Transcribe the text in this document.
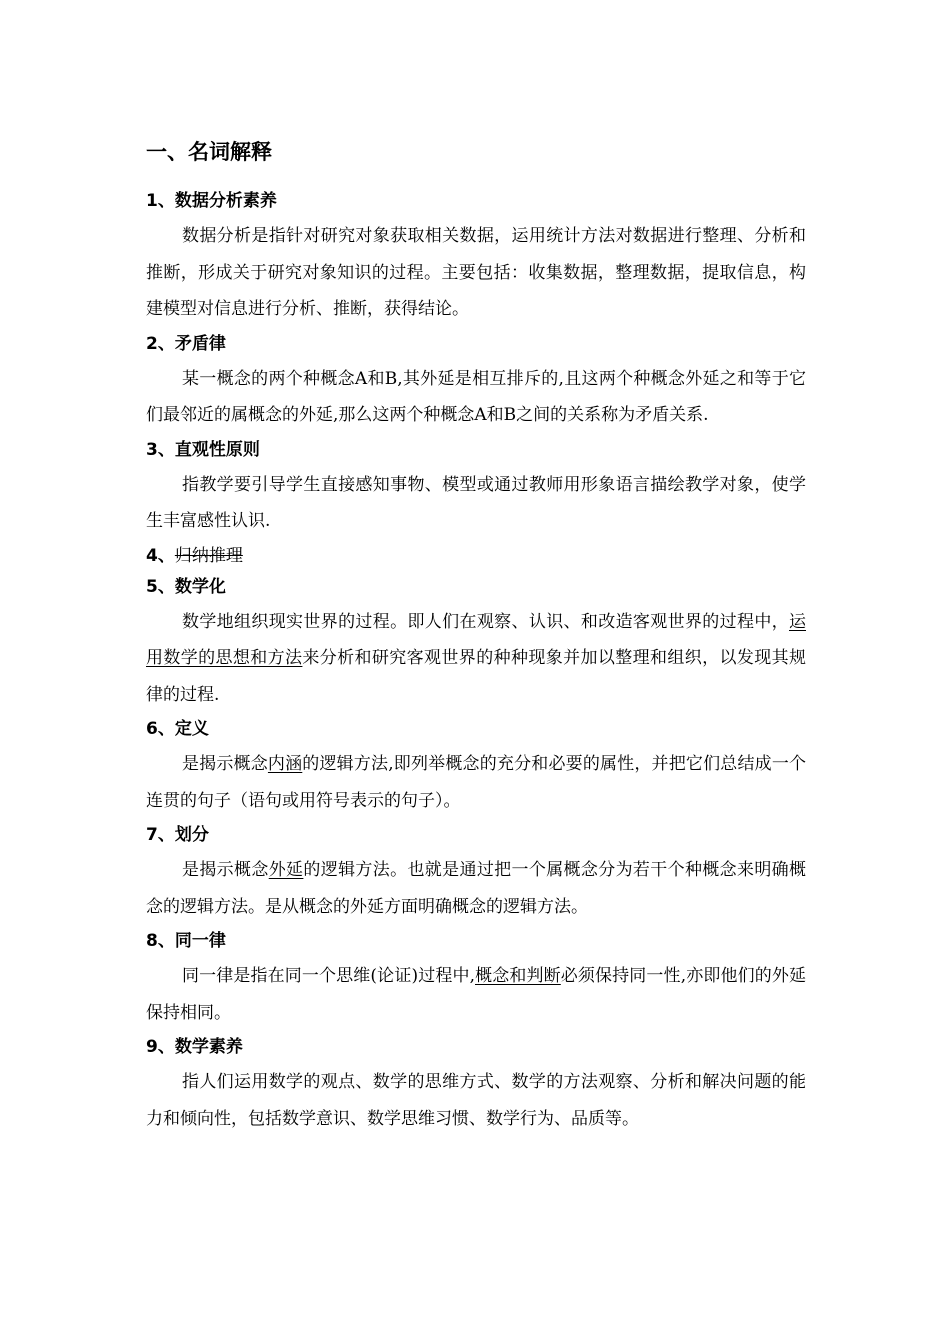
一、名词解释

1、数据分析素养

数据分析是指针对研究对象获取相关数据，运用统计方法对数据进行整理、分析和推断，形成关于研究对象知识的过程。主要包括：收集数据，整理数据，提取信息，构建模型对信息进行分析、推断，获得结论。

2、矛盾律

某一概念的两个种概念A和B,其外延是相互排斥的,且这两个种概念外延之和等于它们最邻近的属概念的外延,那么这两个种概念A和B之间的关系称为矛盾关系.

3、直观性原则

指教学要引导学生直接感知事物、模型或通过教师用形象语言描绘教学对象，使学生丰富感性认识.

4、归纳推理

5、数学化

数学地组织现实世界的过程。即人们在观察、认识、和改造客观世界的过程中，运用数学的思想和方法来分析和研究客观世界的种种现象并加以整理和组织，以发现其规律的过程.

6、定义

是揭示概念内涵的逻辑方法,即列举概念的充分和必要的属性，并把它们总结成一个连贯的句子（语句或用符号表示的句子）。

7、划分

是揭示概念外延的逻辑方法。也就是通过把一个属概念分为若干个种概念来明确概念的逻辑方法。是从概念的外延方面明确概念的逻辑方法。

8、同一律

同一律是指在同一个思维(论证)过程中,概念和判断必须保持同一性,亦即他们的外延保持相同。

9、数学素养

指人们运用数学的观点、数学的思维方式、数学的方法观察、分析和解决问题的能力和倾向性，包括数学意识、数学思维习惯、数学行为、品质等。
